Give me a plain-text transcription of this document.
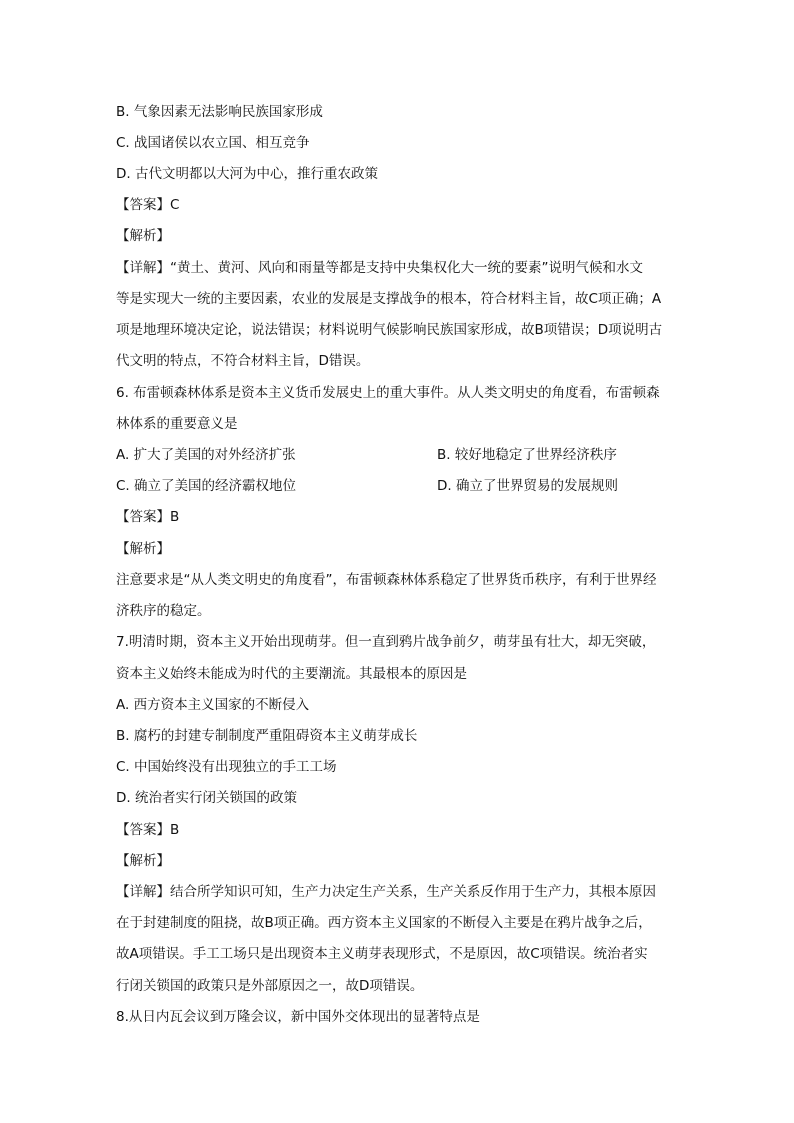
B. 气象因素无法影响民族国家形成
C. 战国诸侯以农立国、相互竞争
D. 古代文明都以大河为中心，推行重农政策
【答案】C
【解析】
【详解】“黄土、黄河、风向和雨量等都是支持中央集权化大一统的要素”说明气候和水文
等是实现大一统的主要因素，农业的发展是支撑战争的根本，符合材料主旨，故C项正确；A
项是地理环境决定论，说法错误；材料说明气候影响民族国家形成，故B项错误；D项说明古
代文明的特点，不符合材料主旨，D错误。
6. 布雷顿森林体系是资本主义货币发展史上的重大事件。从人类文明史的角度看，布雷顿森
林体系的重要意义是
A. 扩大了美国的对外经济扩张	B. 较好地稳定了世界经济秩序
C. 确立了美国的经济霸权地位	D. 确立了世界贸易的发展规则
【答案】B
【解析】
注意要求是“从人类文明史的角度看”，布雷顿森林体系稳定了世界货币秩序，有利于世界经
济秩序的稳定。
7.明清时期，资本主义开始出现萌芽。但一直到鸦片战争前夕，萌芽虽有壮大，却无突破，
资本主义始终未能成为时代的主要潮流。其最根本的原因是
A. 西方资本主义国家的不断侵入
B. 腐朽的封建专制制度严重阻碍资本主义萌芽成长
C. 中国始终没有出现独立的手工工场
D. 统治者实行闭关锁国的政策
【答案】B
【解析】
【详解】结合所学知识可知，生产力决定生产关系，生产关系反作用于生产力，其根本原因
在于封建制度的阻挠，故B项正确。西方资本主义国家的不断侵入主要是在鸦片战争之后，
故A项错误。手工工场只是出现资本主义萌芽表现形式，不是原因，故C项错误。统治者实
行闭关锁国的政策只是外部原因之一，故D项错误。
8.从日内瓦会议到万隆会议，新中国外交体现出的显著特点是
